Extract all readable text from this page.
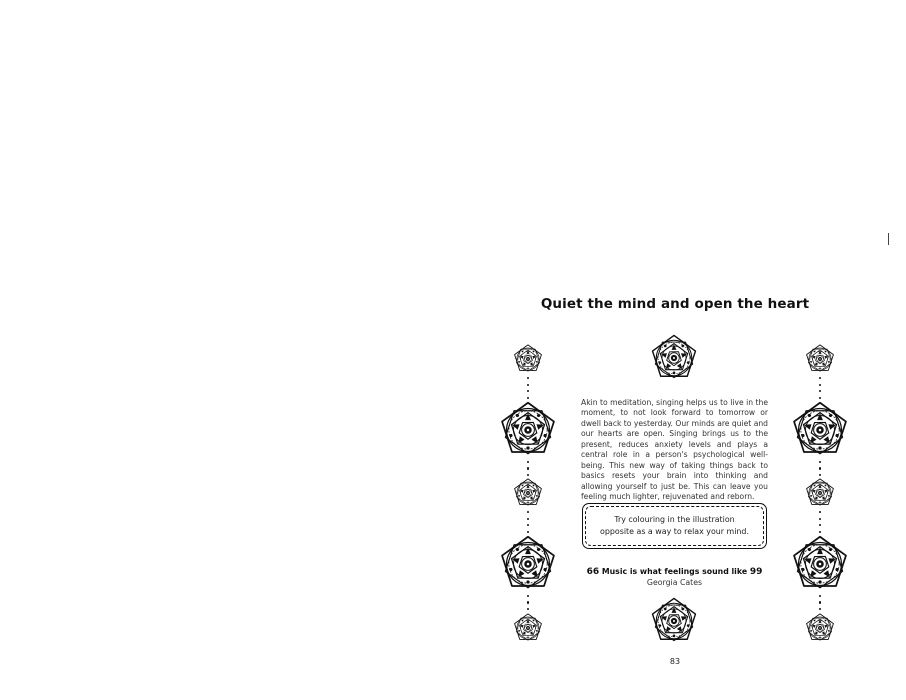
Quiet the mind and open the heart
Akin to meditation, singing helps us to live in the moment, to not look forward to tomorrow or dwell back to yesterday. Our minds are quiet and our hearts are open. Singing brings us to the present, reduces anxiety levels and plays a central role in a person's psychological well-being. This new way of taking things back to basics resets your brain into thinking and allowing yourself to just be. This can leave you feeling much lighter, rejuvenated and reborn.
Try colouring in the illustration opposite as a way to relax your mind.
66 Music is what feelings sound like 99
Georgia Cates
83
